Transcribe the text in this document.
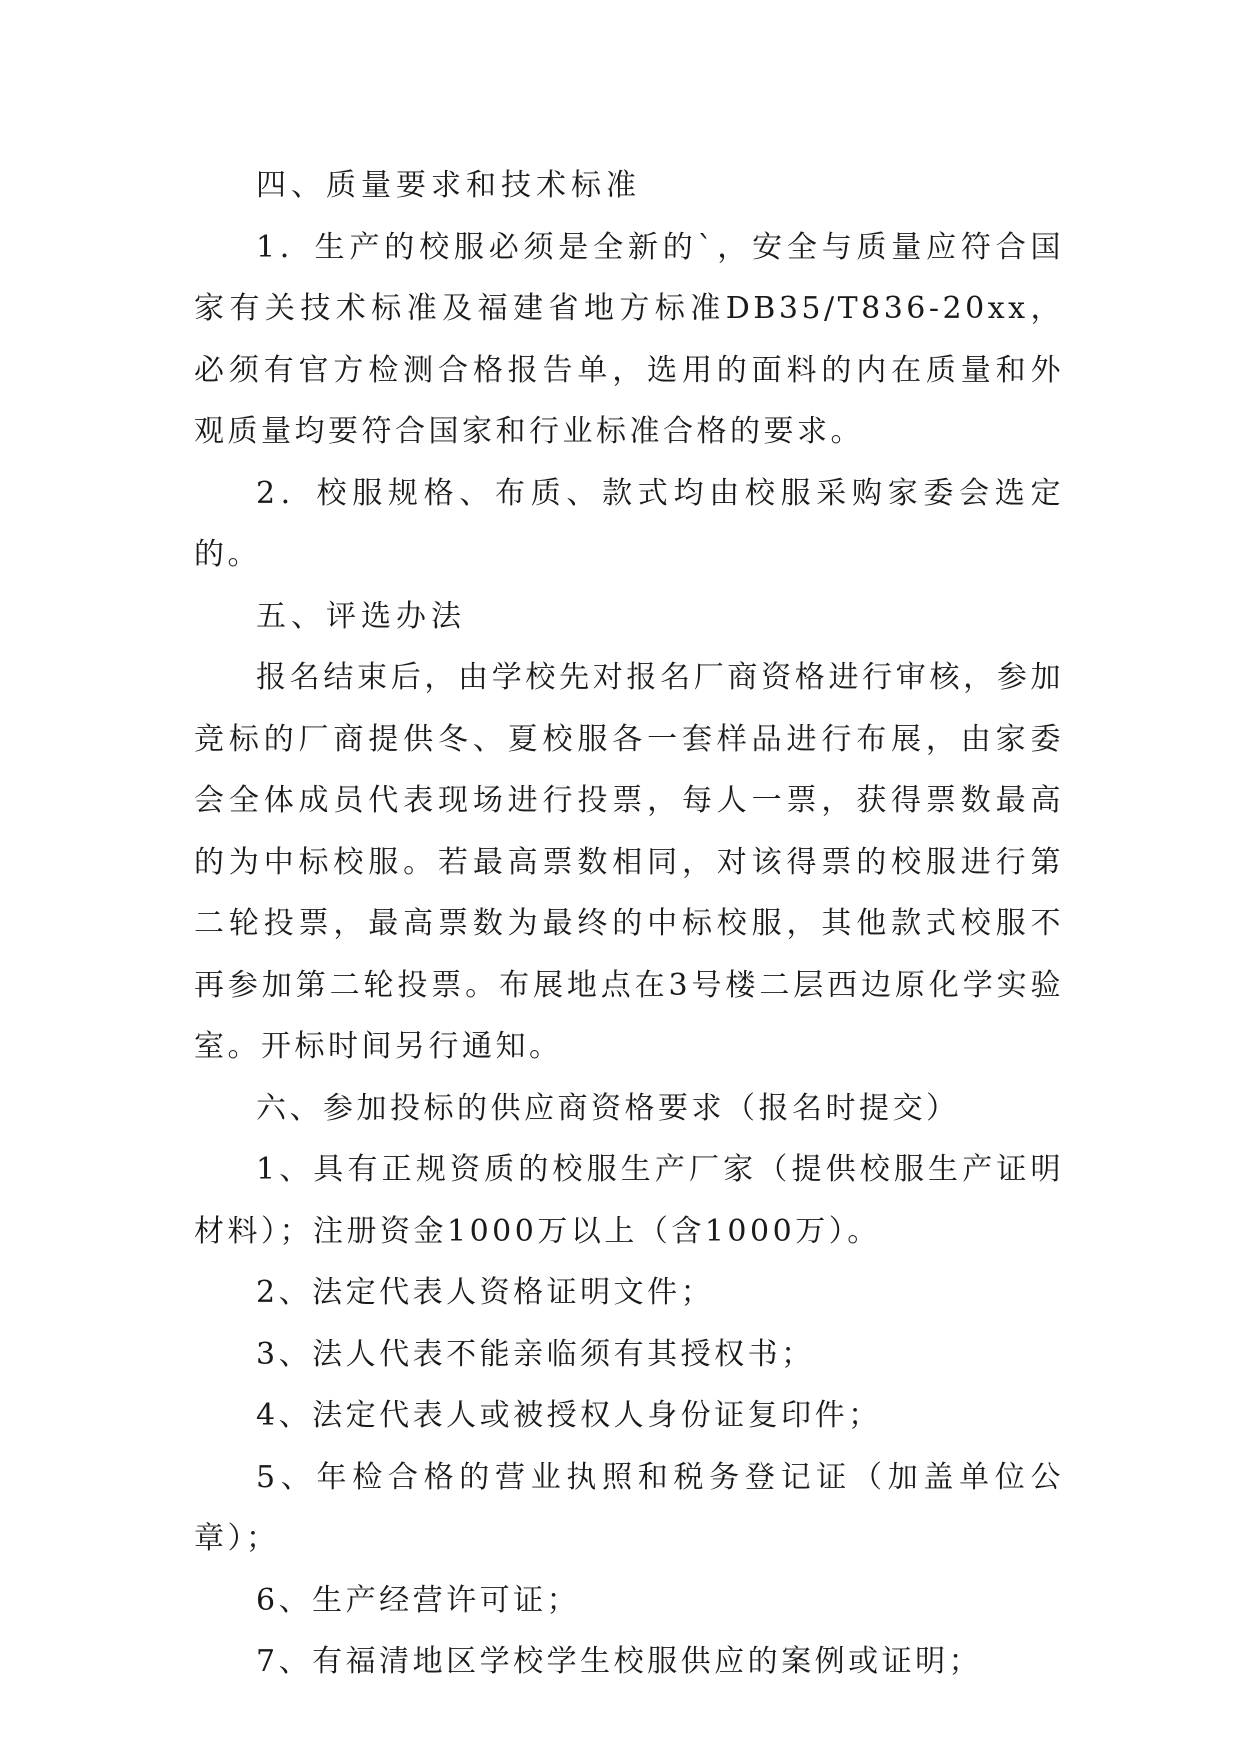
四、质量要求和技术标准

1．生产的校服必须是全新的`，安全与质量应符合国家有关技术标准及福建省地方标准DB35/T836-20xx，必须有官方检测合格报告单，选用的面料的内在质量和外观质量均要符合国家和行业标准合格的要求。

2．校服规格、布质、款式均由校服采购家委会选定的。

五、评选办法

报名结束后，由学校先对报名厂商资格进行审核，参加竞标的厂商提供冬、夏校服各一套样品进行布展，由家委会全体成员代表现场进行投票，每人一票，获得票数最高的为中标校服。若最高票数相同，对该得票的校服进行第二轮投票，最高票数为最终的中标校服，其他款式校服不再参加第二轮投票。布展地点在3号楼二层西边原化学实验室。开标时间另行通知。

六、参加投标的供应商资格要求（报名时提交）

1、具有正规资质的校服生产厂家（提供校服生产证明材料）；注册资金1000万以上（含1000万）。

2、法定代表人资格证明文件；

3、法人代表不能亲临须有其授权书；

4、法定代表人或被授权人身份证复印件；

5、年检合格的营业执照和税务登记证（加盖单位公章）；

6、生产经营许可证；

7、有福清地区学校学生校服供应的案例或证明；
